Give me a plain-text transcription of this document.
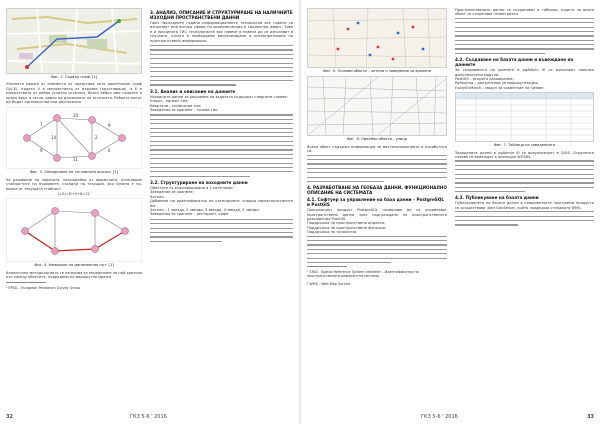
Фиг. 2. Сървър граф. [1]

Уличната мрежа от елементи се представя като ориентиран граф G(V,E), където V е множеството от върхове (кръстовища), а E е множеството от ребра (улични отсечки). Всяко ребро има начален и краен връх и тегло, равно на дължината на отсечката. Ребрата могат да бъдат еднопосочни или двупосочни.

7
9
10
11
14	2
9
6

Фиг. 3. Определяне на тегловните връзки. [1]

За решаване на задачата, изхождайки от формулата, попълваме стойностите на върховете, съседни на текущия, ако сумата е по-малка от текущата стойност.

L(G)=D+5+6=22

Фиг. 4. Намиране на минималния път. [1]

Аналогично методологията се използва за определяне на най-краткия път между обектите, подредени на маршрутна мрежа.

¹ EPSG – European Petroleum Survey Group

3. АНАЛИЗ, ОПИСАНИЕ И СТРУКТУРИРАНЕ НА НАЛИЧНИТЕ ИЗХОДНИ ПРОСТРАНСТВЕНИ ДАННИ

През последните години информационните технологии все повече се използват във всички сфери на икономическия и социалния живот. Това е и причината ГИС технологиите все повече и повече да се използват в случаите, когато е необходимо визуализиране и интерпретиране на пространствена информация.

3.1. Анализ и описание на данните

Изходните данни за решаване на задачата съдържат следните слоеве:

Улици – линеен тип;

Квартали – полигонов тип;

Заведения за хранене – точков тип.

3.2. Структуриране на изходните данни

Обектите са класифицирани в 2 категории:

Заведения за хранене;

Хотели.

Добавяне на идентификатор на категорията: според характеристиките им.

Хотели – 1 звезда, 2 звезди, 3 звезди, 4 звезди, 5 звезди.

Заведения за хранене – ресторант, кафе.

32	ГКЗ 5-6 ' 2016

Фиг. 5. Точкови обекти – хотели и заведения за хранене

Фиг. 6. Линейни обекти - улици

Всеки обект съдържа информация за местоположението и атрибутите си.

4. РАЗРАБОТВАНЕ НА ГЕОБАЗА ДАННИ, ФУНКЦИОНАЛНО ОПИСАНИЕ НА СИСТЕМАТА

4.1. Софтуер за управление на база данни – PostgreSQL и PostGIS

Програмният продукт PostgreSQL позволява да се управляват пространствени данни чрез надграждане на пространственото разширение PostGIS.

Поддръжка на пространствени индекси;

Поддръжка на пространствени функции;

Поддръжка на топология.

¹ SRID - Spatial Reference System Identifier – Идентификатор на пространствената референтна система.

² WMS - Web Map Service

Пространствените данни се съхраняват в таблици, където за всеки обект се съхранява геометрията.

4.2. Създаване на базата данни и въвеждане на данните

За създаването на данните в pgAdmin III се използват няколко допълнителни модула:

PostGIS – открито разширение;

PgRouting – допълнение за маршрутизация;

FuzzyStrMatch – модул за сравнение на низове.

Фиг. 7. Таблица на заведенията

Заредените данни в pgAdmin III се визуализират в QGIS. Отделните слоеве се въвеждат в проекция WGS84.

4.3. Публикуване на базата данни

Публикуването на базата данни в съвременните програмни продукти се осъществява чрез GeoServer, който поддържа стандарта WMS.

ГКЗ 5-6 ' 2016	33
